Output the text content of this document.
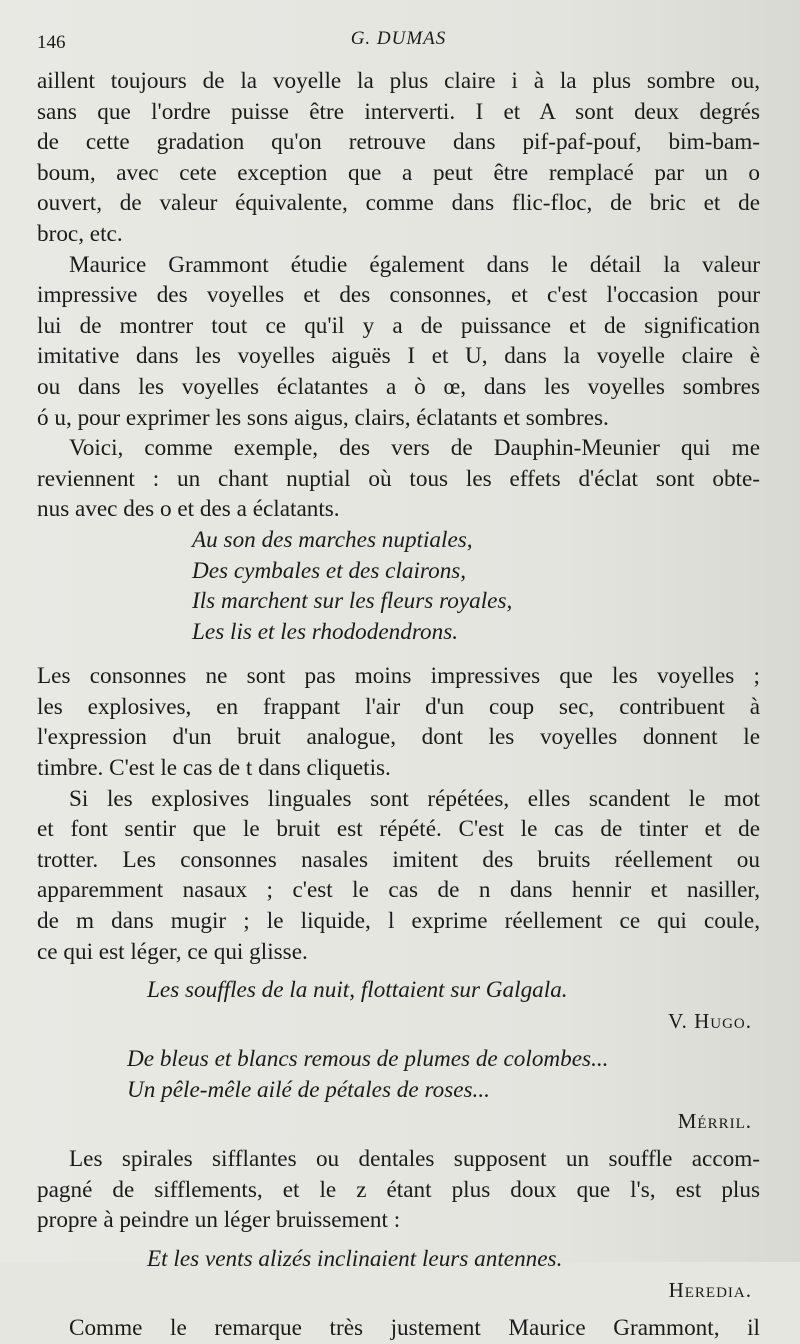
146	G. DUMAS

aillent toujours de la voyelle la plus claire i à la plus sombre ou,
sans que l'ordre puisse être interverti. I et A sont deux degrés
de cette gradation qu'on retrouve dans pif-paf-pouf, bim-bam-
boum, avec cete exception que a peut être remplacé par un o
ouvert, de valeur équivalente, comme dans flic-floc, de bric et de
broc, etc.

Maurice Grammont étudie également dans le détail la valeur
impressive des voyelles et des consonnes, et c'est l'occasion pour
lui de montrer tout ce qu'il y a de puissance et de signification
imitative dans les voyelles aiguës I et U, dans la voyelle claire è
ou dans les voyelles éclatantes a ò œ, dans les voyelles sombres
ó u, pour exprimer les sons aigus, clairs, éclatants et sombres.

Voici, comme exemple, des vers de Dauphin-Meunier qui me
reviennent : un chant nuptial où tous les effets d'éclat sont obte-
nus avec des o et des a éclatants.

Au son des marches nuptiales,
Des cymbales et des clairons,
Ils marchent sur les fleurs royales,
Les lis et les rhododendrons.

Les consonnes ne sont pas moins impressives que les voyelles ;
les explosives, en frappant l'air d'un coup sec, contribuent à
l'expression d'un bruit analogue, dont les voyelles donnent le
timbre. C'est le cas de t dans cliquetis.

Si les explosives linguales sont répétées, elles scandent le mot
et font sentir que le bruit est répété. C'est le cas de tinter et de
trotter. Les consonnes nasales imitent des bruits réellement ou
apparemment nasaux ; c'est le cas de n dans hennir et nasiller,
de m dans mugir ; le liquide, l exprime réellement ce qui coule,
ce qui est léger, ce qui glisse.

Les souffles de la nuit, flottaient sur Galgala.

V. Hugo.

De bleus et blancs remous de plumes de colombes...
Un pêle-mêle ailé de pétales de roses...

Mérril.

Les spirales sifflantes ou dentales supposent un souffle accom-
pagné de sifflements, et le z étant plus doux que l's, est plus
propre à peindre un léger bruissement :

Et les vents alizés inclinaient leurs antennes.

Heredia.

Comme le remarque très justement Maurice Grammont, il
